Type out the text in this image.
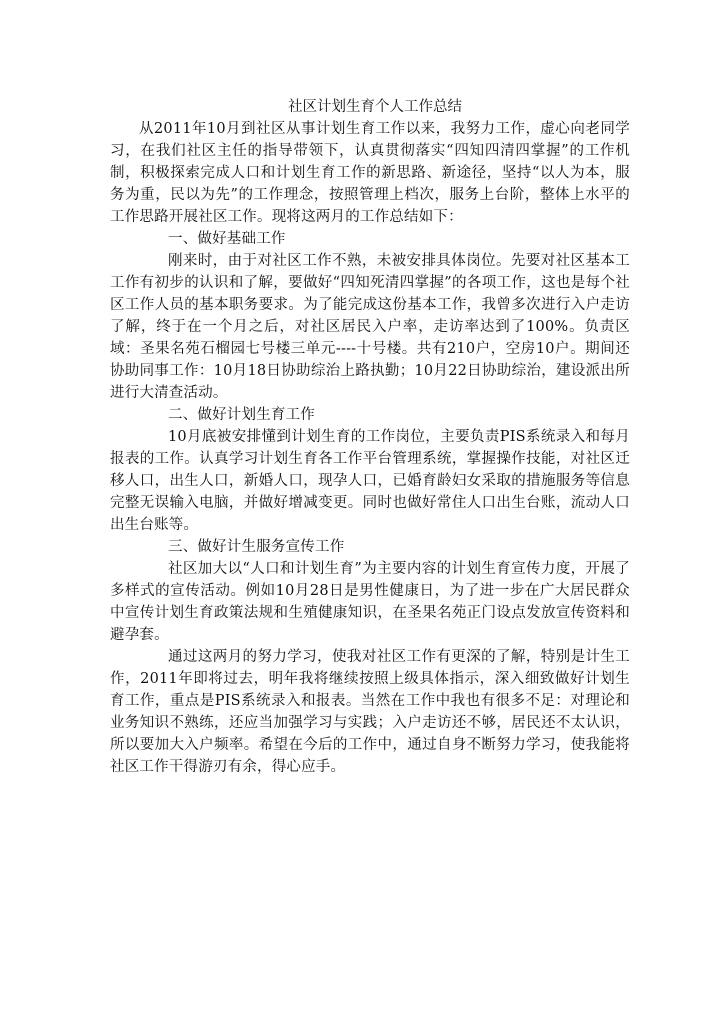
社区计划生育个人工作总结

从2011年10月到社区从事计划生育工作以来，我努力工作，虚心向老同学习，在我们社区主任的指导带领下，认真贯彻落实“四知四清四掌握”的工作机制，积极探索完成人口和计划生育工作的新思路、新途径，坚持“以人为本，服务为重，民以为先”的工作理念，按照管理上档次，服务上台阶，整体上水平的工作思路开展社区工作。现将这两月的工作总结如下：

一、做好基础工作

刚来时，由于对社区工作不熟，未被安排具体岗位。先要对社区基本工工作有初步的认识和了解，要做好“四知死清四掌握”的各项工作，这也是每个社区工作人员的基本职务要求。为了能完成这份基本工作，我曾多次进行入户走访了解，终于在一个月之后，对社区居民入户率，走访率达到了100%。负责区域：圣果名苑石榴园七号楼三单元----十号楼。共有210户，空房10户。期间还协助同事工作：10月18日协助综治上路执勤；10月22日协助综治，建设派出所进行大清查活动。

二、做好计划生育工作

10月底被安排懂到计划生育的工作岗位，主要负责PIS系统录入和每月报表的工作。认真学习计划生育各工作平台管理系统，掌握操作技能，对社区迁移人口，出生人口，新婚人口，现孕人口，已婚育龄妇女采取的措施服务等信息完整无误输入电脑，并做好增减变更。同时也做好常住人口出生台账，流动人口出生台账等。

三、做好计生服务宣传工作

社区加大以“人口和计划生育”为主要内容的计划生育宣传力度，开展了多样式的宣传活动。例如10月28日是男性健康日，为了进一步在广大居民群众中宣传计划生育政策法规和生殖健康知识，在圣果名苑正门设点发放宣传资料和避孕套。

通过这两月的努力学习，使我对社区工作有更深的了解，特别是计生工作，2011年即将过去，明年我将继续按照上级具体指示，深入细致做好计划生育工作，重点是PIS系统录入和报表。当然在工作中我也有很多不足：对理论和业务知识不熟练，还应当加强学习与实践；入户走访还不够，居民还不太认识，所以要加大入户频率。希望在今后的工作中，通过自身不断努力学习，使我能将社区工作干得游刃有余，得心应手。
